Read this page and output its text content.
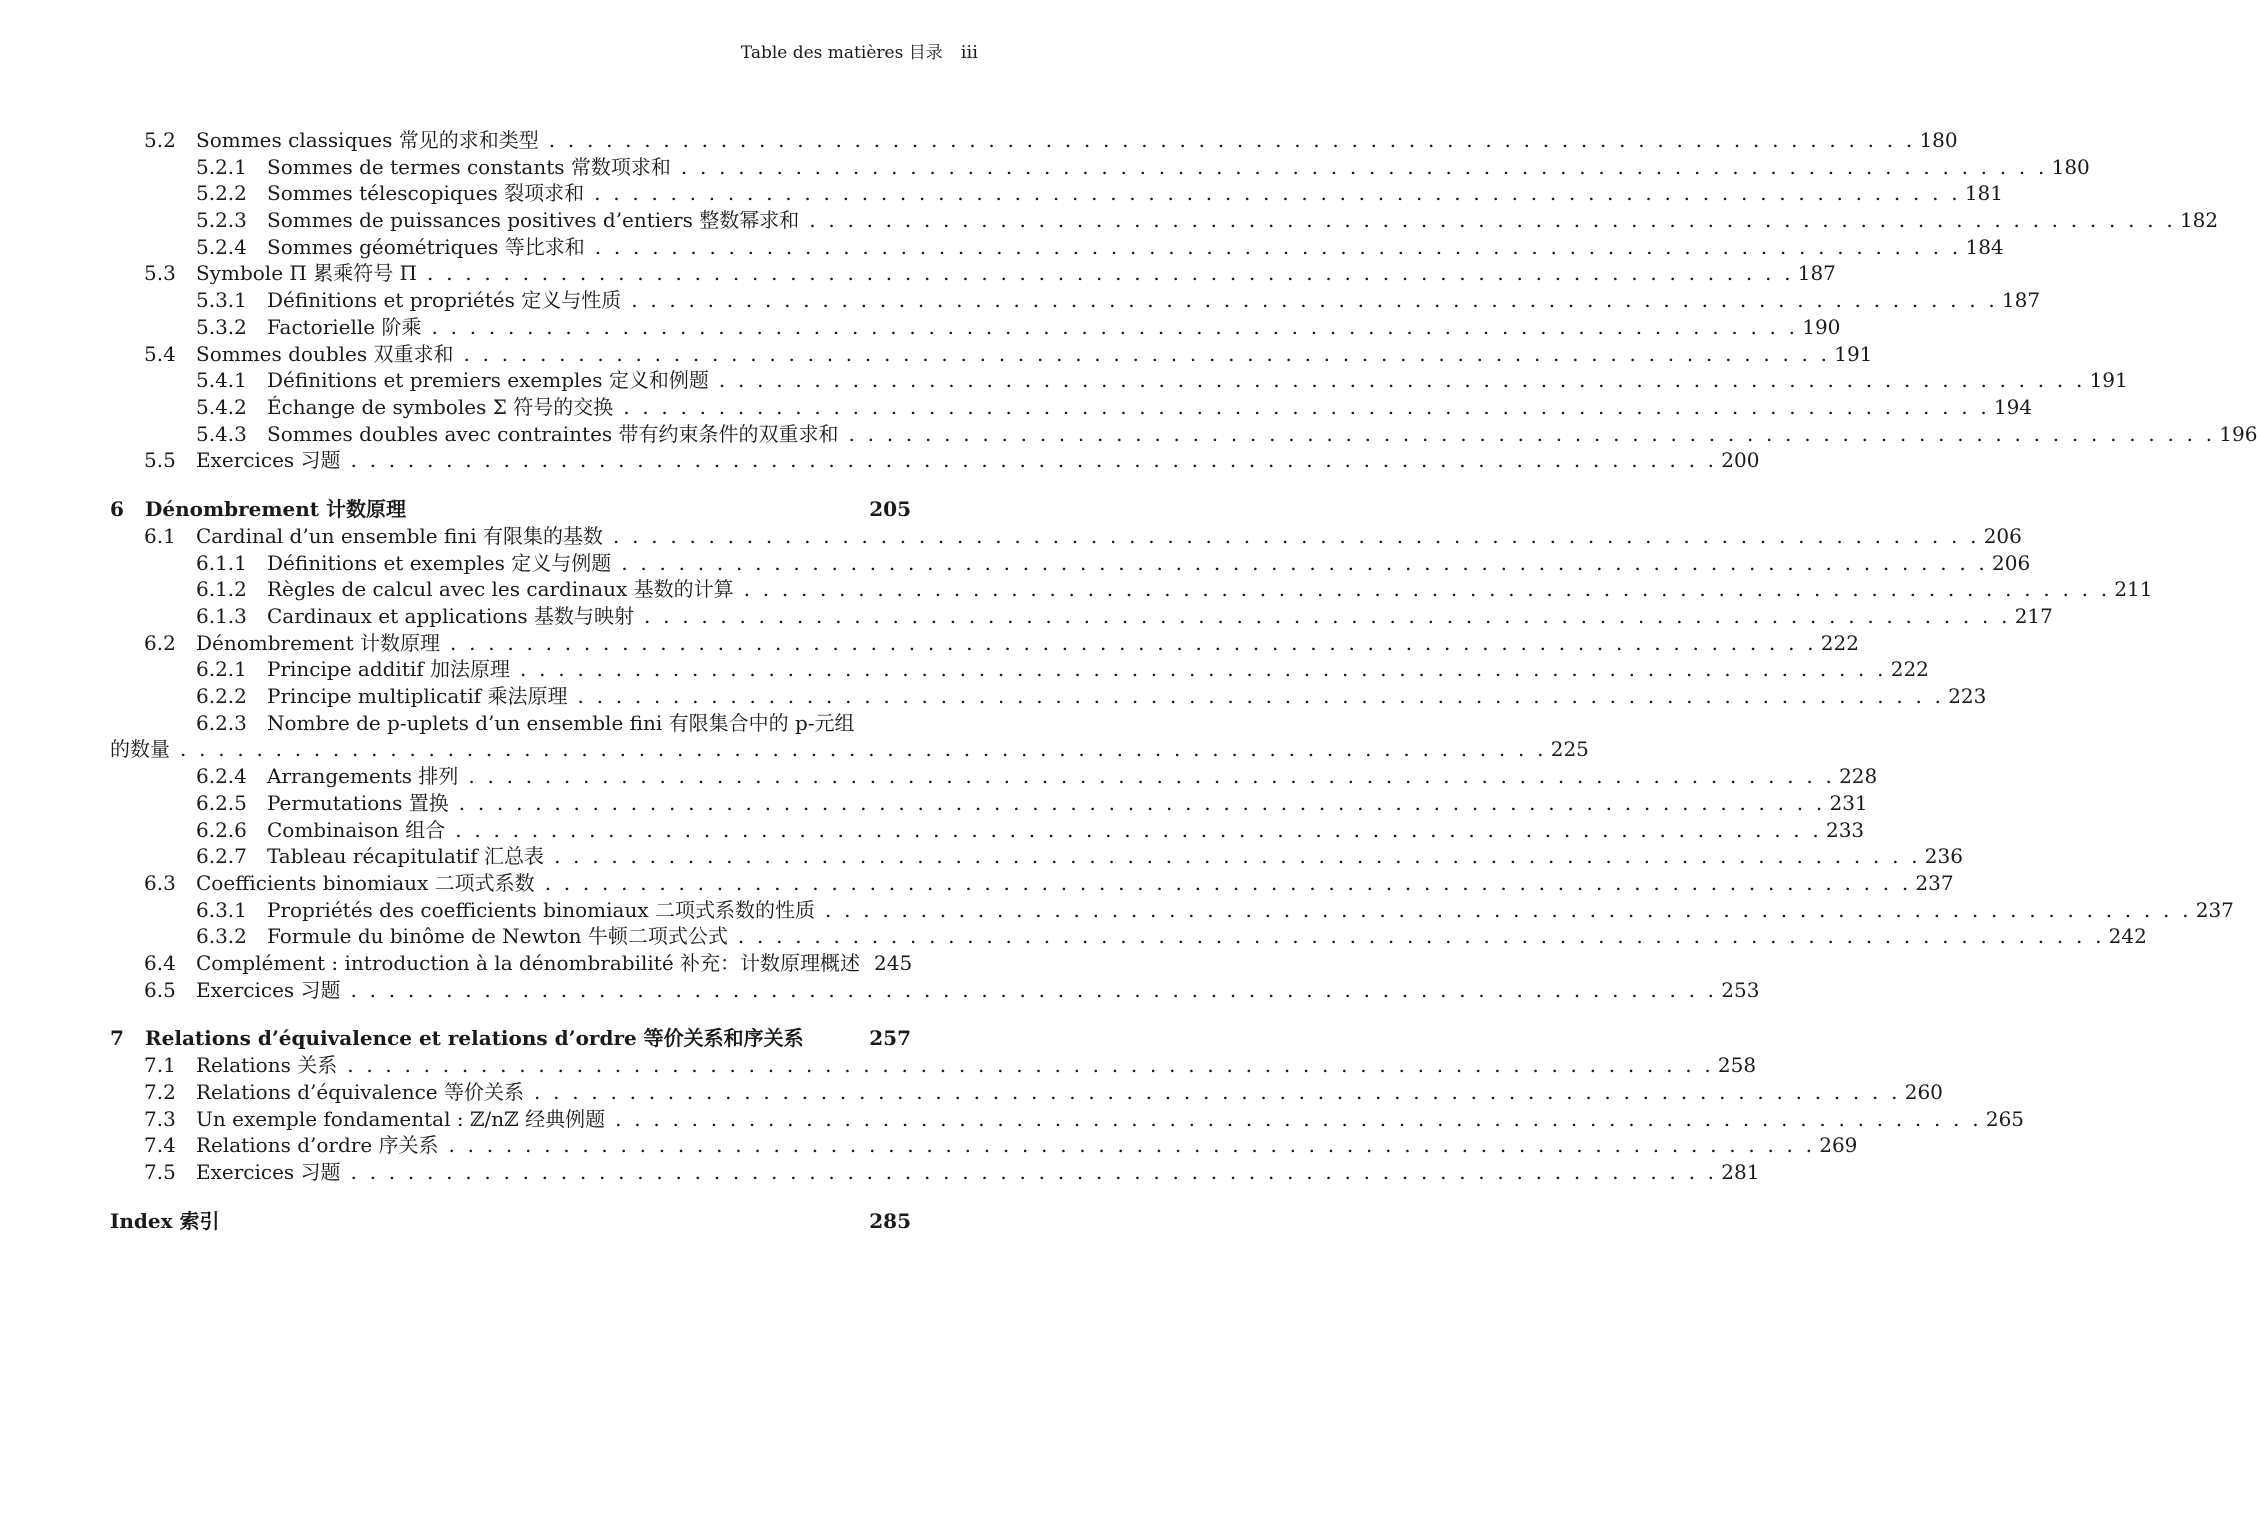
Table des matières 目录 iii
5.2	Sommes classiques 常见的求和类型 . . . . . . . . . . . . . . . . . . . . . . . . . . . . . . . . . . . . . . . . . . . . . . . . . . . . . . . . . . . . . . . . . . . . . . . . 180
5.2.1	Sommes de termes constants 常数项求和 . . . . . . . . . . . . . . . . . . . . . . . . . . . . . . . . . . . . . . . . . . . . . . . . . . . . . . . . . . . . . . . . . . . . . . . . 180
5.2.2	Sommes télescopiques 裂项求和 . . . . . . . . . . . . . . . . . . . . . . . . . . . . . . . . . . . . . . . . . . . . . . . . . . . . . . . . . . . . . . . . . . . . . . . . 181
5.2.3	Sommes de puissances positives d’entiers 整数幂求和 . . . . . . . . . . . . . . . . . . . . . . . . . . . . . . . . . . . . . . . . . . . . . . . . . . . . . . . . . . . . . . . . . . . . . . . . 182
5.2.4	Sommes géométriques 等比求和 . . . . . . . . . . . . . . . . . . . . . . . . . . . . . . . . . . . . . . . . . . . . . . . . . . . . . . . . . . . . . . . . . . . . . . . . 184
5.3	Symbole Π 累乘符号 Π . . . . . . . . . . . . . . . . . . . . . . . . . . . . . . . . . . . . . . . . . . . . . . . . . . . . . . . . . . . . . . . . . . . . . . . . 187
5.3.1	Définitions et propriétés 定义与性质 . . . . . . . . . . . . . . . . . . . . . . . . . . . . . . . . . . . . . . . . . . . . . . . . . . . . . . . . . . . . . . . . . . . . . . . . 187
5.3.2	Factorielle 阶乘 . . . . . . . . . . . . . . . . . . . . . . . . . . . . . . . . . . . . . . . . . . . . . . . . . . . . . . . . . . . . . . . . . . . . . . . . 190
5.4	Sommes doubles 双重求和 . . . . . . . . . . . . . . . . . . . . . . . . . . . . . . . . . . . . . . . . . . . . . . . . . . . . . . . . . . . . . . . . . . . . . . . . 191
5.4.1	Définitions et premiers exemples 定义和例题 . . . . . . . . . . . . . . . . . . . . . . . . . . . . . . . . . . . . . . . . . . . . . . . . . . . . . . . . . . . . . . . . . . . . . . . . 191
5.4.2	Échange de symboles Σ 符号的交换 . . . . . . . . . . . . . . . . . . . . . . . . . . . . . . . . . . . . . . . . . . . . . . . . . . . . . . . . . . . . . . . . . . . . . . . . 194
5.4.3	Sommes doubles avec contraintes 带有约束条件的双重求和 . . . . . . . . . . . . . . . . . . . . . . . . . . . . . . . . . . . . . . . . . . . . . . . . . . . . . . . . . . . . . . . . . . . . . . . . 196
5.5	Exercices 习题 . . . . . . . . . . . . . . . . . . . . . . . . . . . . . . . . . . . . . . . . . . . . . . . . . . . . . . . . . . . . . . . . . . . . . . . . 200
6	Dénombrement 计数原理	205
6.1	Cardinal d’un ensemble fini 有限集的基数 . . . . . . . . . . . . . . . . . . . . . . . . . . . . . . . . . . . . . . . . . . . . . . . . . . . . . . . . . . . . . . . . . . . . . . . . 206
6.1.1	Définitions et exemples 定义与例题 . . . . . . . . . . . . . . . . . . . . . . . . . . . . . . . . . . . . . . . . . . . . . . . . . . . . . . . . . . . . . . . . . . . . . . . . 206
6.1.2	Règles de calcul avec les cardinaux 基数的计算 . . . . . . . . . . . . . . . . . . . . . . . . . . . . . . . . . . . . . . . . . . . . . . . . . . . . . . . . . . . . . . . . . . . . . . . . 211
6.1.3	Cardinaux et applications 基数与映射 . . . . . . . . . . . . . . . . . . . . . . . . . . . . . . . . . . . . . . . . . . . . . . . . . . . . . . . . . . . . . . . . . . . . . . . . 217
6.2	Dénombrement 计数原理 . . . . . . . . . . . . . . . . . . . . . . . . . . . . . . . . . . . . . . . . . . . . . . . . . . . . . . . . . . . . . . . . . . . . . . . . 222
6.2.1	Principe additif 加法原理 . . . . . . . . . . . . . . . . . . . . . . . . . . . . . . . . . . . . . . . . . . . . . . . . . . . . . . . . . . . . . . . . . . . . . . . . 222
6.2.2	Principe multiplicatif 乘法原理 . . . . . . . . . . . . . . . . . . . . . . . . . . . . . . . . . . . . . . . . . . . . . . . . . . . . . . . . . . . . . . . . . . . . . . . . 223
6.2.3	Nombre de p-uplets d’un ensemble fini 有限集合中的 p-元组
的数量 . . . . . . . . . . . . . . . . . . . . . . . . . . . . . . . . . . . . . . . . . . . . . . . . . . . . . . . . . . . . . . . . . . . . . . . . 225
6.2.4	Arrangements 排列 . . . . . . . . . . . . . . . . . . . . . . . . . . . . . . . . . . . . . . . . . . . . . . . . . . . . . . . . . . . . . . . . . . . . . . . . 228
6.2.5	Permutations 置换 . . . . . . . . . . . . . . . . . . . . . . . . . . . . . . . . . . . . . . . . . . . . . . . . . . . . . . . . . . . . . . . . . . . . . . . . 231
6.2.6	Combinaison 组合 . . . . . . . . . . . . . . . . . . . . . . . . . . . . . . . . . . . . . . . . . . . . . . . . . . . . . . . . . . . . . . . . . . . . . . . . 233
6.2.7	Tableau récapitulatif 汇总表 . . . . . . . . . . . . . . . . . . . . . . . . . . . . . . . . . . . . . . . . . . . . . . . . . . . . . . . . . . . . . . . . . . . . . . . . 236
6.3	Coefficients binomiaux 二项式系数 . . . . . . . . . . . . . . . . . . . . . . . . . . . . . . . . . . . . . . . . . . . . . . . . . . . . . . . . . . . . . . . . . . . . . . . . 237
6.3.1	Propriétés des coefficients binomiaux 二项式系数的性质 . . . . . . . . . . . . . . . . . . . . . . . . . . . . . . . . . . . . . . . . . . . . . . . . . . . . . . . . . . . . . . . . . . . . . . . . 237
6.3.2	Formule du binôme de Newton 牛顿二项式公式 . . . . . . . . . . . . . . . . . . . . . . . . . . . . . . . . . . . . . . . . . . . . . . . . . . . . . . . . . . . . . . . . . . . . . . . . 242
6.4	Complément : introduction à la dénombrabilité 补充：计数原理概述 245
6.5	Exercices 习题 . . . . . . . . . . . . . . . . . . . . . . . . . . . . . . . . . . . . . . . . . . . . . . . . . . . . . . . . . . . . . . . . . . . . . . . . 253
7	Relations d’équivalence et relations d’ordre 等价关系和序关系	257
7.1	Relations 关系 . . . . . . . . . . . . . . . . . . . . . . . . . . . . . . . . . . . . . . . . . . . . . . . . . . . . . . . . . . . . . . . . . . . . . . . . 258
7.2	Relations d’équivalence 等价关系 . . . . . . . . . . . . . . . . . . . . . . . . . . . . . . . . . . . . . . . . . . . . . . . . . . . . . . . . . . . . . . . . . . . . . . . . 260
7.3	Un exemple fondamental : ℤ/nℤ 经典例题 . . . . . . . . . . . . . . . . . . . . . . . . . . . . . . . . . . . . . . . . . . . . . . . . . . . . . . . . . . . . . . . . . . . . . . . . 265
7.4	Relations d’ordre 序关系 . . . . . . . . . . . . . . . . . . . . . . . . . . . . . . . . . . . . . . . . . . . . . . . . . . . . . . . . . . . . . . . . . . . . . . . . 269
7.5	Exercices 习题 . . . . . . . . . . . . . . . . . . . . . . . . . . . . . . . . . . . . . . . . . . . . . . . . . . . . . . . . . . . . . . . . . . . . . . . . 281
Index 索引	285
